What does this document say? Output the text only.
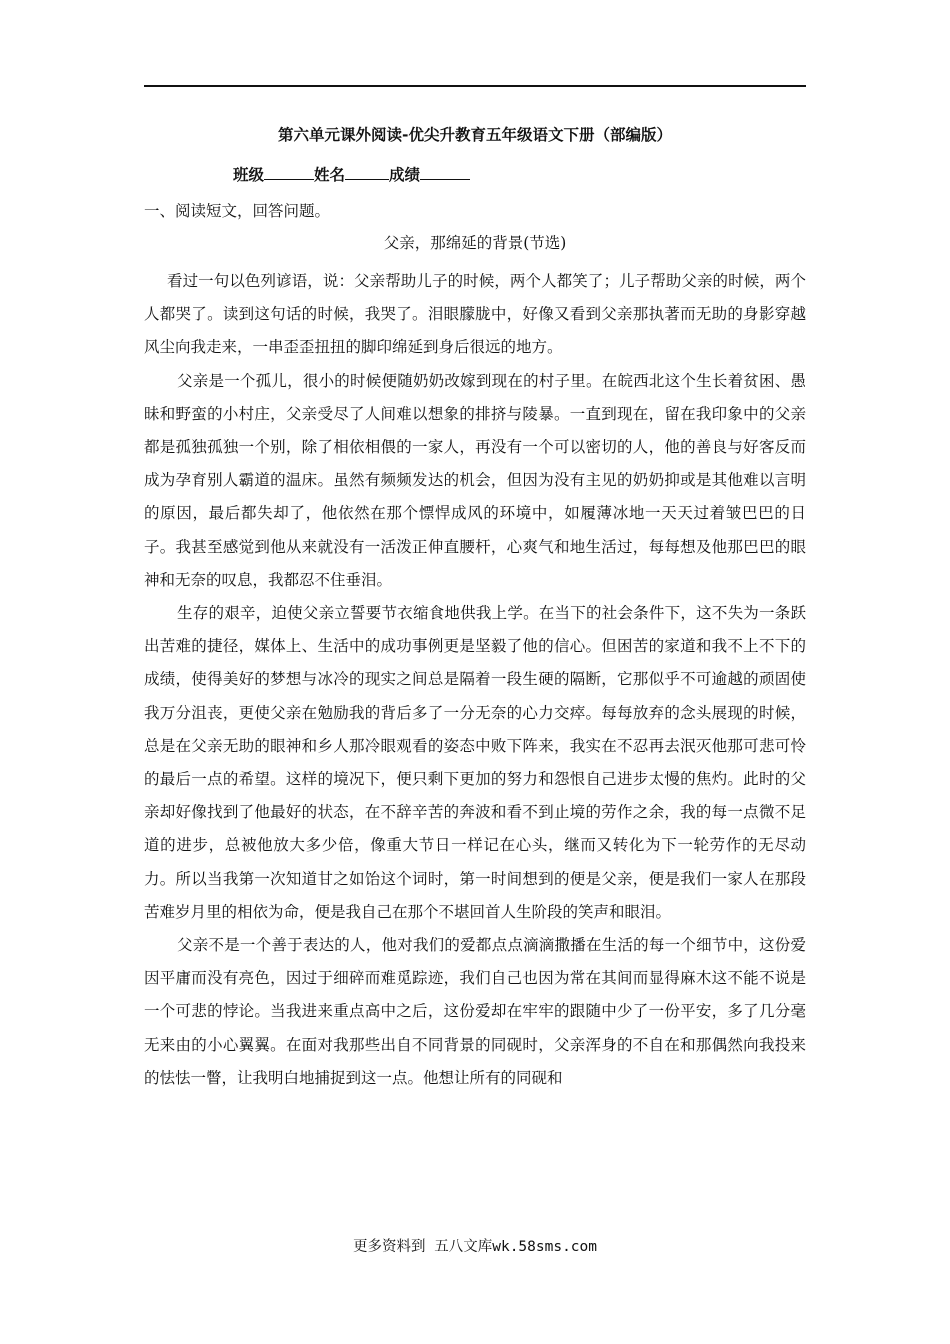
第六单元课外阅读-优尖升教育五年级语文下册（部编版）
班级	姓名	成绩
一、阅读短文，回答问题。
父亲，那绵延的背景(节选)

看过一句以色列谚语，说：父亲帮助儿子的时候，两个人都笑了；儿子帮助父亲的时候，两个人都哭了。读到这句话的时候，我哭了。泪眼朦胧中，好像又看到父亲那执著而无助的身影穿越风尘向我走来，一串歪歪扭扭的脚印绵延到身后很远的地方。

父亲是一个孤儿，很小的时候便随奶奶改嫁到现在的村子里。在皖西北这个生长着贫困、愚昧和野蛮的小村庄，父亲受尽了人间难以想象的排挤与陵暴。一直到现在，留在我印象中的父亲都是孤独孤独一个别，除了相依相偎的一家人，再没有一个可以密切的人，他的善良与好客反而成为孕育别人霸道的温床。虽然有频频发达的机会，但因为没有主见的奶奶抑或是其他难以言明的原因，最后都失却了，他依然在那个慓悍成风的环境中，如履薄冰地一天天过着皱巴巴的日子。我甚至感觉到他从来就没有一活泼正伸直腰杆，心爽气和地生活过，每每想及他那巴巴的眼神和无奈的叹息，我都忍不住垂泪。

生存的艰辛，迫使父亲立誓要节衣缩食地供我上学。在当下的社会条件下，这不失为一条跃出苦难的捷径，媒体上、生活中的成功事例更是坚毅了他的信心。但困苦的家道和我不上不下的成绩，使得美好的梦想与冰冷的现实之间总是隔着一段生硬的隔断，它那似乎不可逾越的顽固使我万分沮丧，更使父亲在勉励我的背后多了一分无奈的心力交瘁。每每放弃的念头展现的时候，总是在父亲无助的眼神和乡人那冷眼观看的姿态中败下阵来，我实在不忍再去泯灭他那可悲可怜的最后一点的希望。这样的境况下，便只剩下更加的努力和怨恨自己进步太慢的焦灼。此时的父亲却好像找到了他最好的状态，在不辞辛苦的奔波和看不到止境的劳作之余，我的每一点微不足道的进步，总被他放大多少倍，像重大节日一样记在心头，继而又转化为下一轮劳作的无尽动力。所以当我第一次知道甘之如饴这个词时，第一时间想到的便是父亲，便是我们一家人在那段苦难岁月里的相依为命，便是我自己在那个不堪回首人生阶段的笑声和眼泪。

父亲不是一个善于表达的人，他对我们的爱都点点滴滴撒播在生活的每一个细节中，这份爱因平庸而没有亮色，因过于细碎而难觅踪迹，我们自己也因为常在其间而显得麻木这不能不说是一个可悲的悖论。当我进来重点高中之后，这份爱却在牢牢的跟随中少了一份平安，多了几分毫无来由的小心翼翼。在面对我那些出自不同背景的同砚时，父亲浑身的不自在和那偶然向我投来的怯怯一瞥，让我明白地捕捉到这一点。他想让所有的同砚和

更多资料到 五八文库wk.58sms.com
